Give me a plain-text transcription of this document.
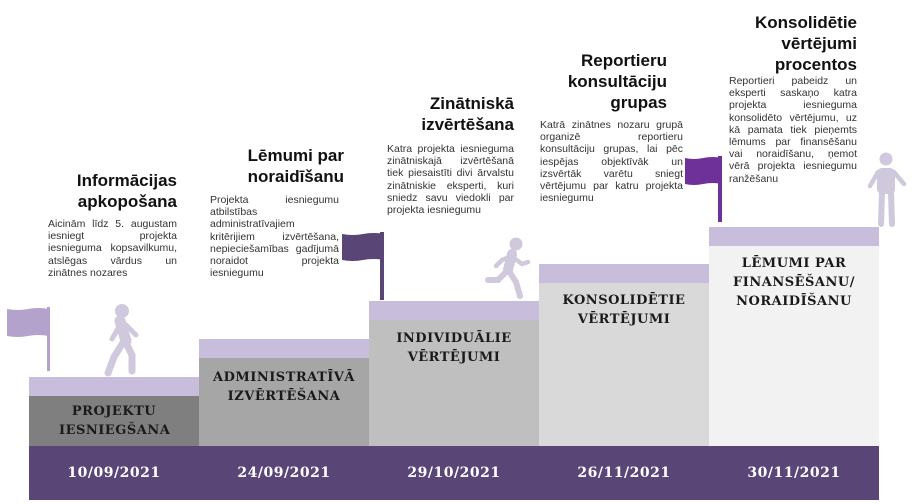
Informācijas apkopošana
Lēmumi par noraidīšanu
Zinātniskā izvērtēšana
Reportieru konsultāciju grupas
Konsolidētie vērtējumi procentos
Aicinām līdz 5. augustam iesniegt projekta iesnieguma kopsavilkumu, atslēgas vārdus un zinātnes nozares
Projekta iesniegumu atbilstības administratīvajiem kritērijiem izvērtēšana, nepieciešamības gadījumā noraidot projekta iesniegumu
Katra projekta iesnieguma zinātniskajā izvērtēšanā tiek piesaistīti divi ārvalstu zinātniskie eksperti, kuri sniedz savu viedokli par projekta iesniegumu
Katrā zinātnes nozaru grupā organizē reportieru konsultāciju grupas, lai pēc iespējas objektīvāk un izsvērtāk varētu sniegt vērtējumu par katru projekta iesniegumu
Reportieri pabeidz un eksperti saskaņo katra projekta iesnieguma konsolidēto vērtējumu, uz kā pamata tiek pieņemts lēmums par finansēšanu vai noraidīšanu, ņemot vērā projekta iesniegumu ranžēšanu
PROJEKTU IESNIEGŠANA
ADMINISTRATĪVĀ IZVĒRTĒŠANA
INDIVIDUĀLIE VĒRTĒJUMI
KONSOLIDĒTIE VĒRTĒJUMI
LĒMUMI PAR FINANSĒŠANU/ NORAIDĪŠANU
10/09/2021	24/09/2021	29/10/2021	26/11/2021	30/11/2021
